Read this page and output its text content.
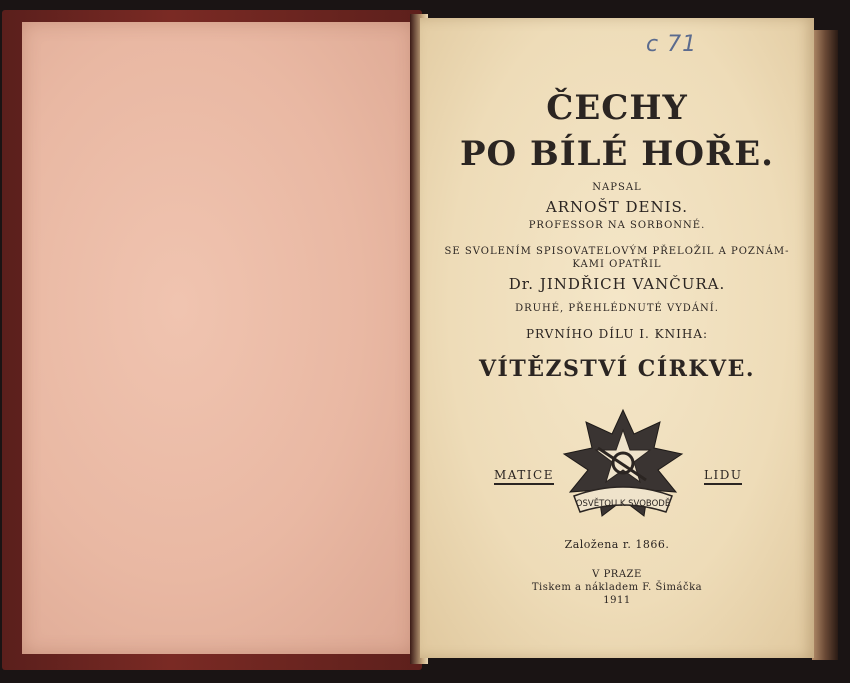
c 71
ČECHY
PO BÍLÉ HOŘE.
NAPSAL
ARNOŠT DENIS.
PROFESSOR NA SORBONNÉ.
SE SVOLENÍM SPISOVATELOVÝM PŘELOŽIL A POZNÁM-
KAMI OPATŘIL
Dr. JINDŘICH VANČURA.
DRUHÉ, PŘEHLÉDNUTÉ VYDÁNÍ.
PRVNÍHO DÍLU I. KNIHA:
VÍTĚZSTVÍ CÍRKVE.
MATICE	LIDU
OSVĚTOU K SVOBODĚ
Založena r. 1866.
V PRAZE
Tiskem a nákladem F. Šimáčka
1911
